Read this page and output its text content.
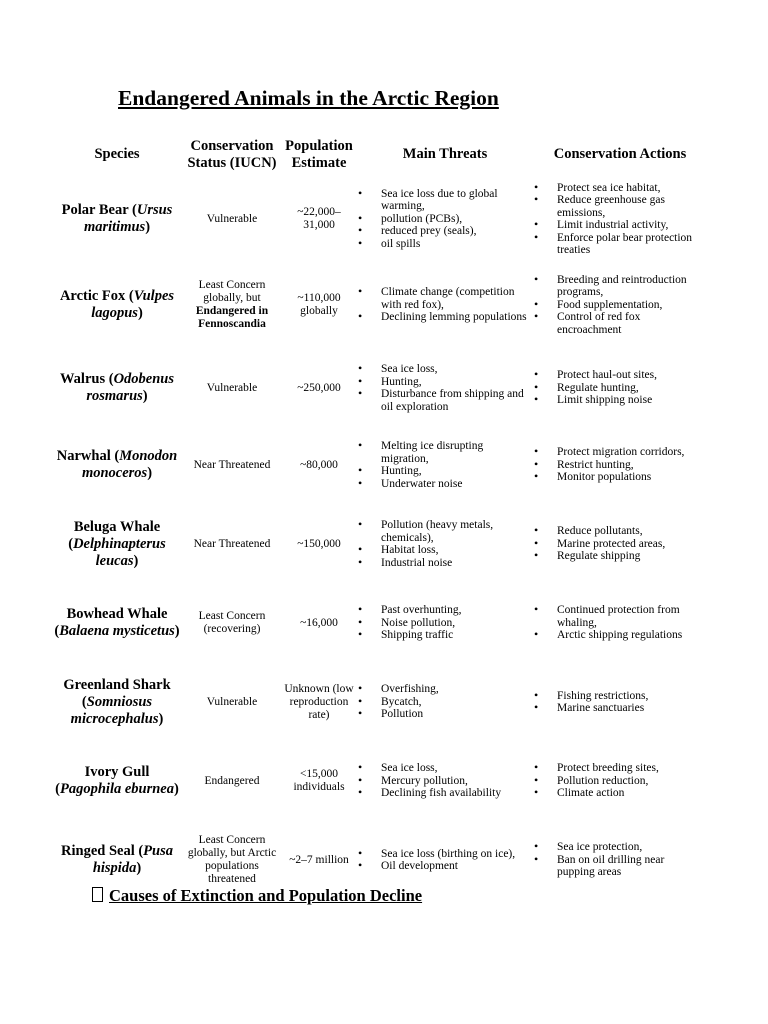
Endangered Animals in the Arctic Region
Species	Conservation
Status (IUCN)
Population
Estimate
Main Threats	Conservation Actions
Polar Bear (Ursus maritimus)
Vulnerable
~22,000–31,000
• Sea ice loss due to global warming,
• pollution (PCBs),
• reduced prey (seals),
• oil spills
• Protect sea ice habitat,
• Reduce greenhouse gas emissions,
• Limit industrial activity,
• Enforce polar bear protection treaties
Arctic Fox (Vulpes lagopus)
Least Concern globally, but
Endangered in Fennoscandia
~110,000 globally
• Climate change (competition with red fox),
• Declining lemming populations
• Breeding and reintroduction programs,
• Food supplementation,
• Control of red fox encroachment
Walrus (Odobenus rosmarus)
Vulnerable	~250,000
• Sea ice loss,
• Hunting,
• Disturbance from shipping and oil exploration
• Protect haul-out sites,
• Regulate hunting,
• Limit shipping noise
Narwhal (Monodon monoceros)
Near Threatened	~80,000
• Melting ice disrupting migration,
• Hunting,
• Underwater noise
• Protect migration corridors,
• Restrict hunting,
• Monitor populations
Beluga Whale (Delphinapterus leucas)
Near Threatened ~150,000
• Pollution (heavy metals, chemicals),
• Habitat loss,
• Industrial noise
• Reduce pollutants,
• Marine protected areas,
• Regulate shipping
Bowhead Whale (Balaena mysticetus)
Least Concern (recovering)
~16,000
• Past overhunting,
• Noise pollution,
• Shipping traffic
• Continued protection from whaling,
• Arctic shipping regulations
Greenland Shark (Somniosus microcephalus)
Vulnerable
Unknown (low reproduction rate)
• Overfishing,
• Bycatch,
• Pollution
• Fishing restrictions,
• Marine sanctuaries
Ivory Gull (Pagophila eburnea)
Endangered
<15,000 individuals
• Sea ice loss,
• Mercury pollution,
• Declining fish availability
• Protect breeding sites,
• Pollution reduction,
• Climate action
Ringed Seal (Pusa hispida)
Least Concern globally, but Arctic populations threatened
~2–7 million
•	Sea ice loss (birthing on ice),
• Oil development
• Sea ice protection,
• Ban on oil drilling near pupping areas
Causes of Extinction and Population Decline
